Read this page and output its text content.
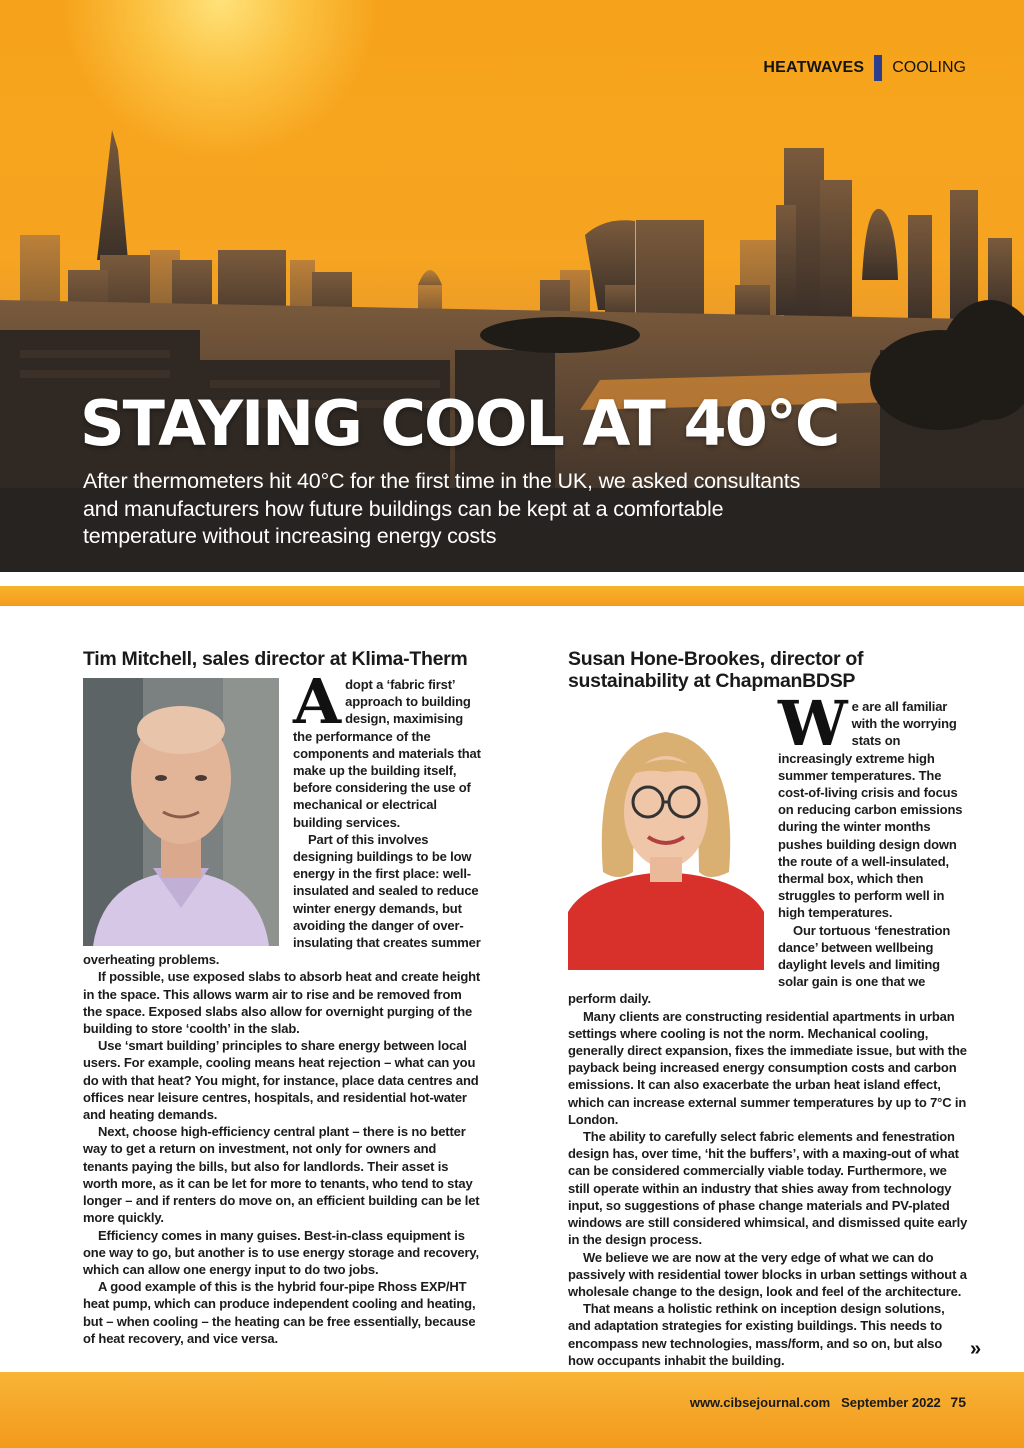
HEATWAVES COOLING
STAYING COOL AT 40°C

After thermometers hit 40°C for the first time in the UK, we asked consultants and manufacturers how future buildings can be kept at a comfortable temperature without increasing energy costs

Tim Mitchell, sales director at Klima-Therm
A dopt a ‘fabric first’ approach to building design, maximising the performance of the components and materials that make up the building itself, before considering the use of mechanical or electrical building services.

Part of this involves designing buildings to be low energy in the first place: well-insulated and sealed to reduce winter energy demands, but avoiding the danger of over-insulating that creates summer overheating problems.

If possible, use exposed slabs to absorb heat and create height in the space. This allows warm air to rise and be removed from the space. Exposed slabs also allow for overnight purging of the building to store ‘coolth’ in the slab.

Use ‘smart building’ principles to share energy between local users. For example, cooling means heat rejection – what can you do with that heat? You might, for instance, place data centres and offices near leisure centres, hospitals, and residential hot-water and heating demands.

Next, choose high-efficiency central plant – there is no better way to get a return on investment, not only for owners and tenants paying the bills, but also for landlords. Their asset is worth more, as it can be let for more to tenants, who tend to stay longer – and if renters do move on, an efficient building can be let more quickly.

Efficiency comes in many guises. Best-in-class equipment is one way to go, but another is to use energy storage and recovery, which can allow one energy input to do two jobs.

A good example of this is the hybrid four-pipe Rhoss EXP/HT heat pump, which can produce independent cooling and heating, but – when cooling – the heating can be free essentially, because of heat recovery, and vice versa.

Susan Hone-Brookes, director of sustainability at ChapmanBDSP
W e are all familiar with the worrying stats on increasingly extreme high summer temperatures. The cost-of-living crisis and focus on reducing carbon emissions during the winter months pushes building design down the route of a well-insulated, thermal box, which then struggles to perform well in high temperatures.

Our tortuous ‘fenestration dance’ between wellbeing daylight levels and limiting solar gain is one that we perform daily.

Many clients are constructing residential apartments in urban settings where cooling is not the norm. Mechanical cooling, generally direct expansion, fixes the immediate issue, but with the payback being increased energy consumption costs and carbon emissions. It can also exacerbate the urban heat island effect, which can increase external summer temperatures by up to 7°C in London.

The ability to carefully select fabric elements and fenestration design has, over time, ‘hit the buffers’, with a maxing-out of what can be considered commercially viable today. Furthermore, we still operate within an industry that shies away from technology input, so suggestions of phase change materials and PV-plated windows are still considered whimsical, and dismissed quite early in the design process.

We believe we are now at the very edge of what we can do passively with residential tower blocks in urban settings without a wholesale change to the design, look and feel of the architecture.

That means a holistic rethink on inception design solutions, and adaptation strategies for existing buildings. This needs to encompass new technologies, mass/form, and so on, but also how occupants inhabit the building.

»
www.cibsejournal.com September 2022 75
